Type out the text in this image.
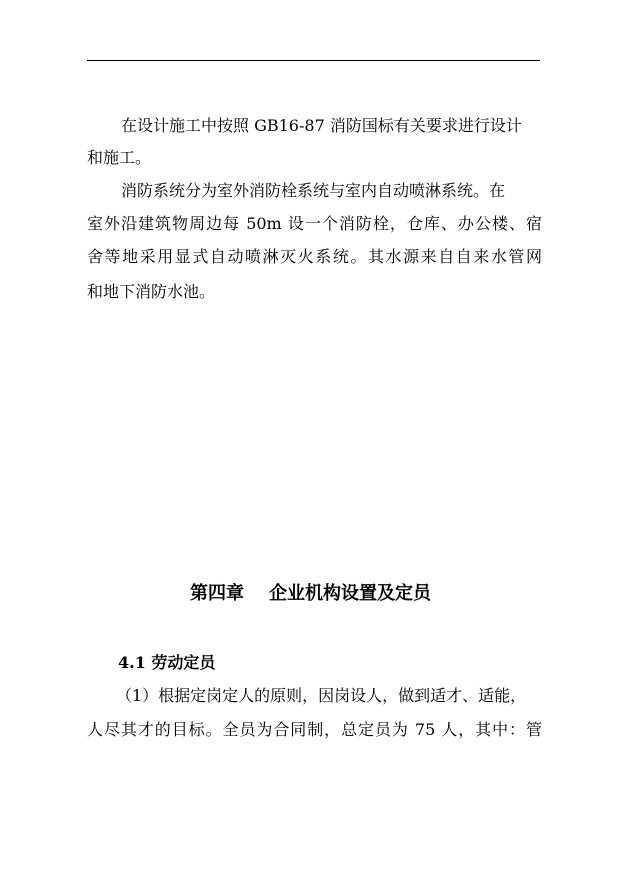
在设计施工中按照 GB16-87 消防国标有关要求进行设计
和施工。
消防系统分为室外消防栓系统与室内自动喷淋系统。在
室外沿建筑物周边每 50m 设一个消防栓，仓库、办公楼、宿
舍等地采用显式自动喷淋灭火系统。其水源来自自来水管网
和地下消防水池。
第四章    企业机构设置及定员
4.1 劳动定员
（1）根据定岗定人的原则，因岗设人，做到适才、适能，
人尽其才的目标。全员为合同制，总定员为 75 人，其中：管
